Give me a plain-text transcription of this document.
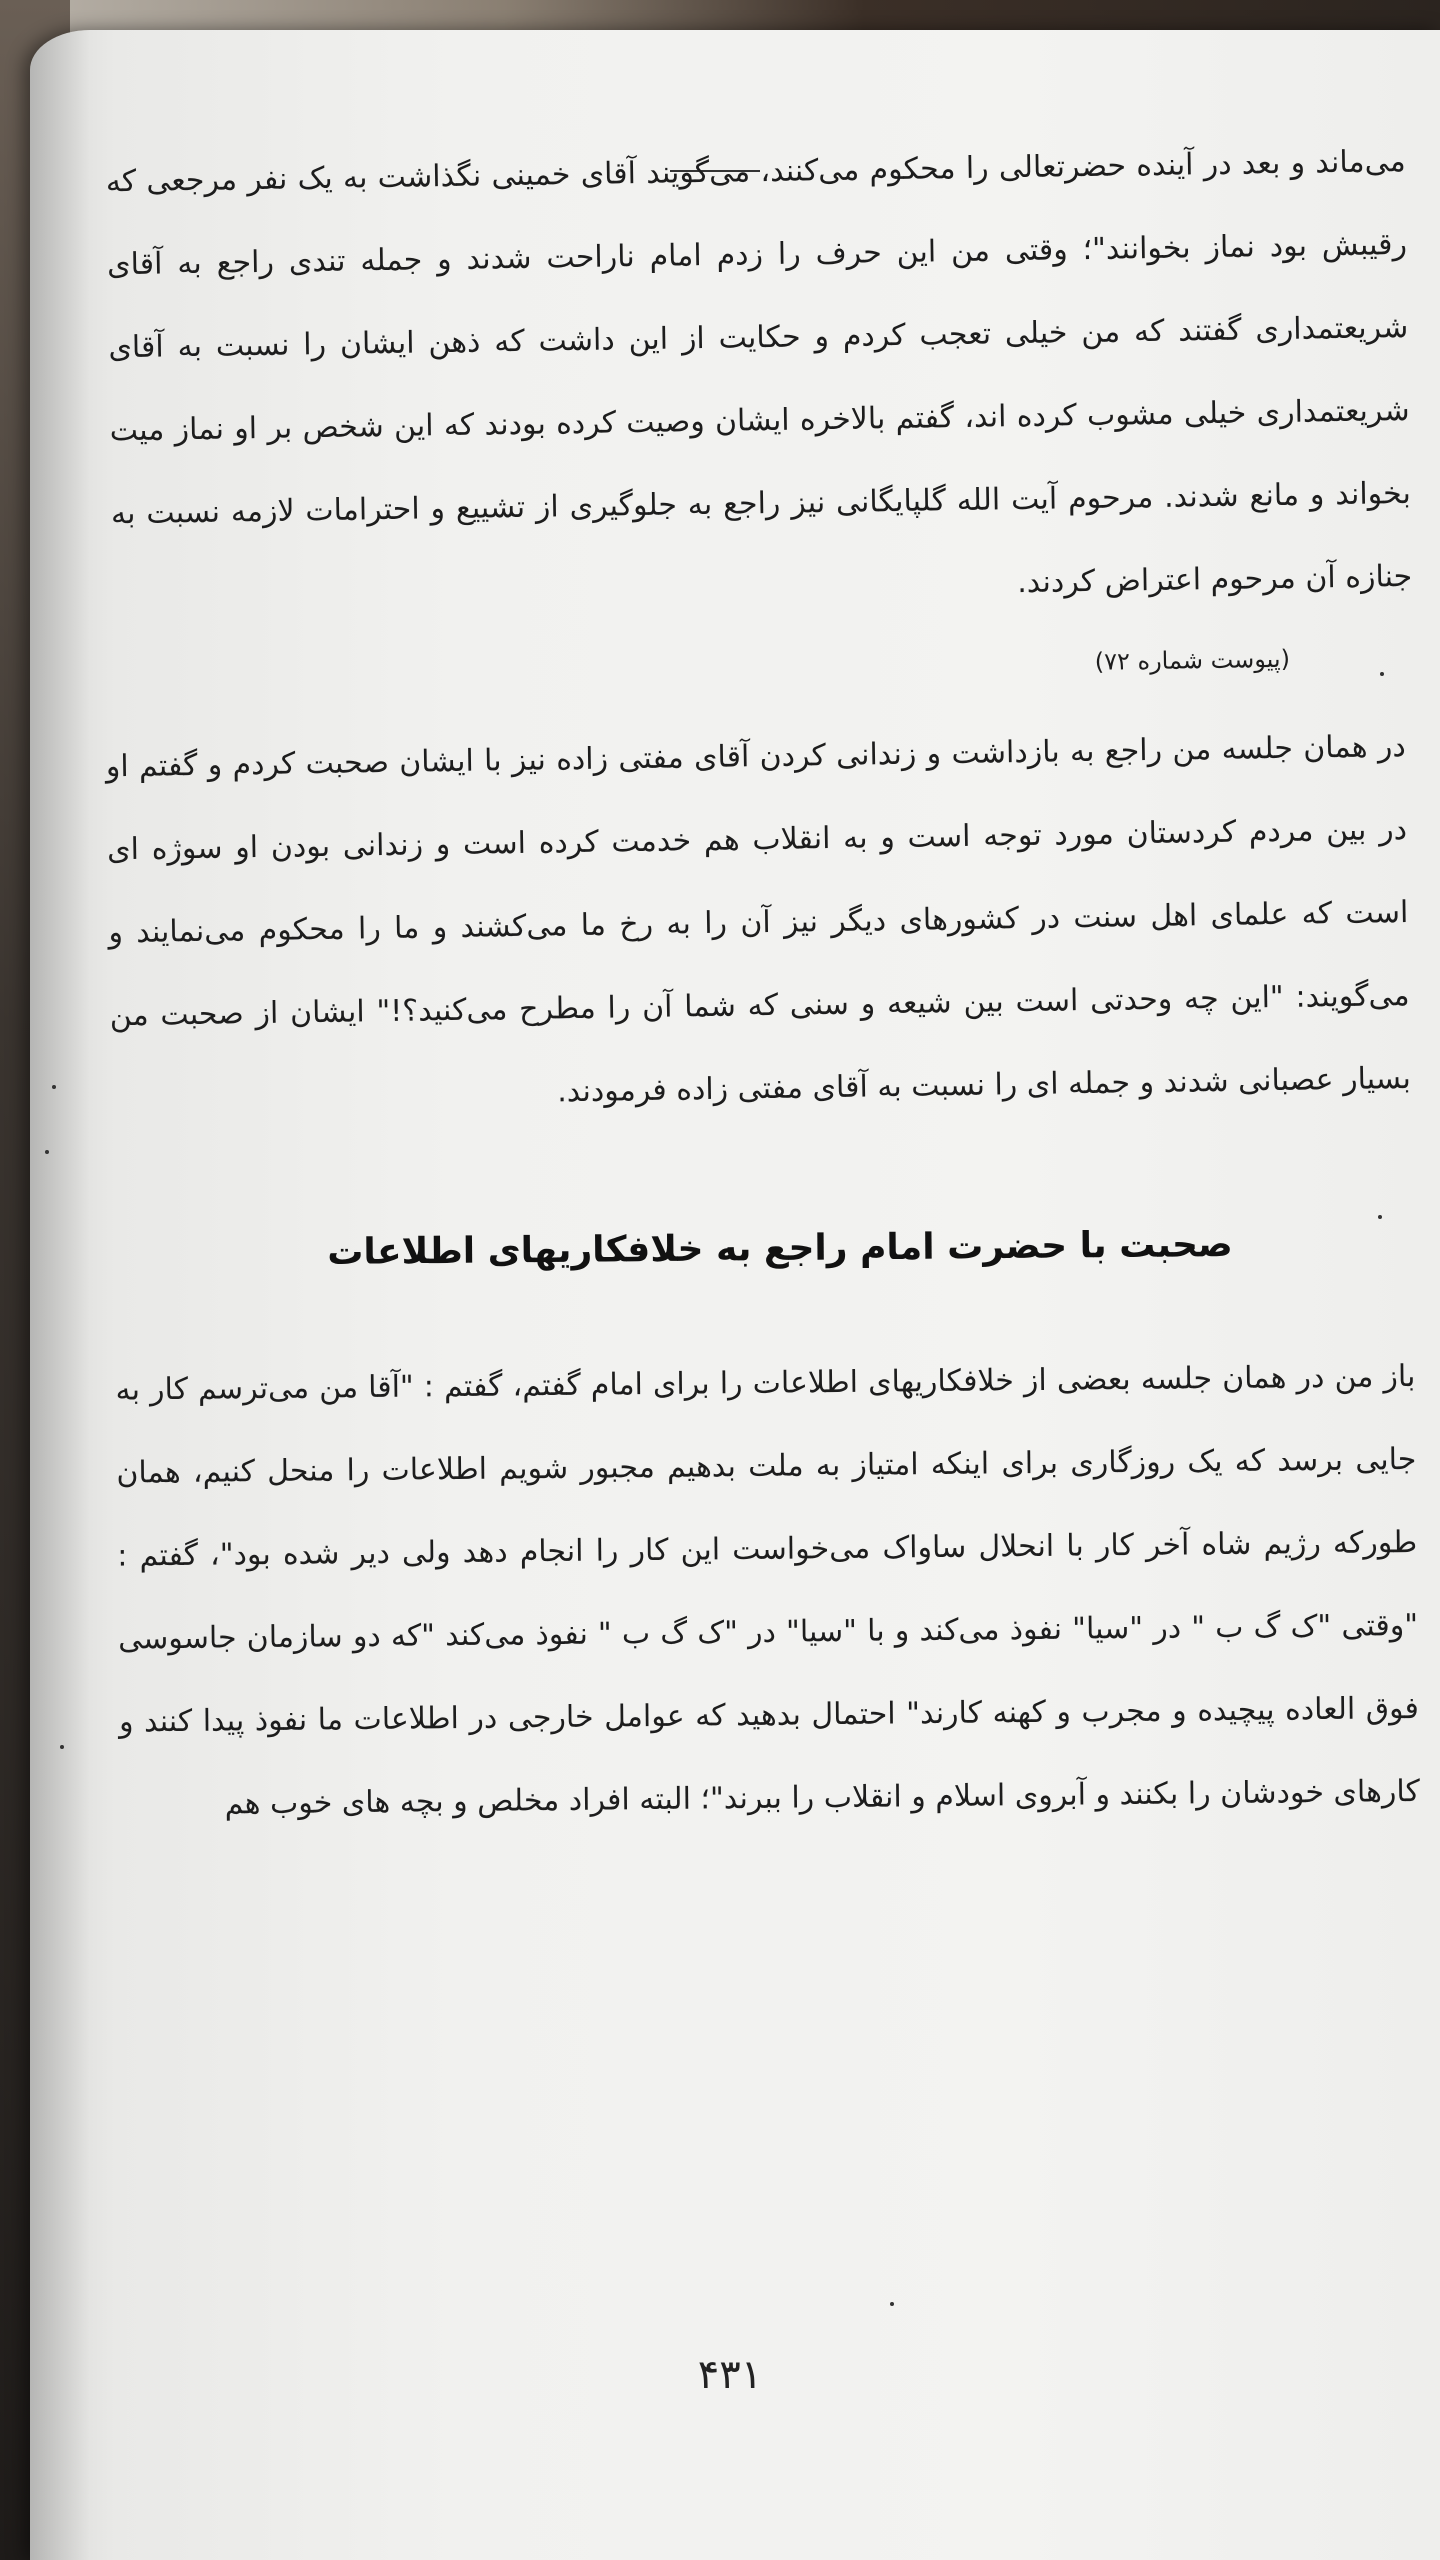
می‌ماند و بعد در آینده حضرتعالی را محکوم می‌کنند، می‌گویند آقای خمینی نگذاشت به یک نفر مرجعی که رقیبش بود نماز بخوانند"؛ وقتی من این حرف را زدم امام ناراحت شدند و جمله تندی راجع به آقای شریعتمداری گفتند که من خیلی تعجب کردم و حکایت از این داشت که ذهن ایشان را نسبت به آقای شریعتمداری خیلی مشوب کرده اند، گفتم بالاخره ایشان وصیت کرده بودند که این شخص بر او نماز میت بخواند و مانع شدند. مرحوم آیت الله گلپایگانی نیز راجع به جلوگیری از تشییع و احترامات لازمه نسبت به جنازه آن مرحوم اعتراض کردند.

(پیوست شماره ۷۲)

در همان جلسه من راجع به بازداشت و زندانی کردن آقای مفتی زاده نیز با ایشان صحبت کردم و گفتم او در بین مردم کردستان مورد توجه است و به انقلاب هم خدمت کرده است و زندانی بودن او سوژه ای است که علمای اهل سنت در کشورهای دیگر نیز آن را به رخ ما می‌کشند و ما را محکوم می‌نمایند و می‌گویند: "این چه وحدتی است بین شیعه و سنی که شما آن را مطرح می‌کنید؟!" ایشان از صحبت من بسیار عصبانی شدند و جمله ای را نسبت به آقای مفتی زاده فرمودند.

صحبت با حضرت امام راجع به خلافکاریهای اطلاعات

باز من در همان جلسه بعضی از خلافکاریهای اطلاعات را برای امام گفتم، گفتم : "آقا من می‌ترسم کار به جایی برسد که یک روزگاری برای اینکه امتیاز به ملت بدهیم مجبور شویم اطلاعات را منحل کنیم، همان طورکه رژیم شاه آخر کار با انحلال ساواک می‌خواست این کار را انجام دهد ولی دیر شده بود"، گفتم : "وقتی "ک گ ب " در "سیا" نفوذ می‌کند و با "سیا" در "ک گ ب " نفوذ می‌کند "که دو سازمان جاسوسی فوق العاده پیچیده و مجرب و کهنه کارند" احتمال بدهید که عوامل خارجی در اطلاعات ما نفوذ پیدا کنند و کارهای خودشان را بکنند و آبروی اسلام و انقلاب را ببرند"؛ البته افراد مخلص و بچه های خوب هم

۴۳۱
